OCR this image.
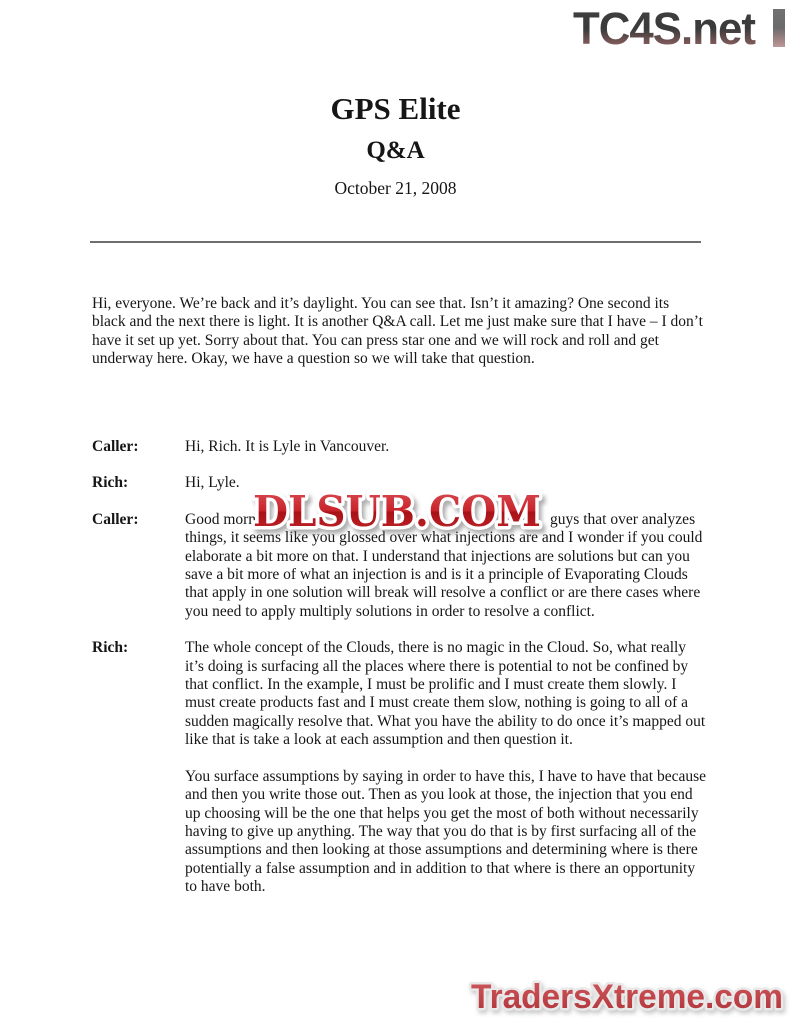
TC4S.net
GPS Elite
Q&A
October 21, 2008

Hi, everyone. We’re back and it’s daylight. You can see that. Isn’t it amazing? One second its black and the next there is light. It is another Q&A call. Let me just make sure that I have – I don’t have it set up yet. Sorry about that. You can press star one and we will rock and roll and get underway here. Okay, we have a question so we will take that question.

Caller:	Hi, Rich. It is Lyle in Vancouver.
Rich:	Hi, Lyle.
Caller:	Good morn	guys that over analyzes
things, it seems like you glossed over what injections are and I wonder if you could elaborate a bit more on that. I understand that injections are solutions but can you save a bit more of what an injection is and is it a principle of Evaporating Clouds that apply in one solution will break will resolve a conflict or are there cases where you need to apply multiply solutions in order to resolve a conflict.
Rich:	The whole concept of the Clouds, there is no magic in the Cloud. So, what really it’s doing is surfacing all the places where there is potential to not be confined by that conflict. In the example, I must be prolific and I must create them slowly. I must create products fast and I must create them slow, nothing is going to all of a sudden magically resolve that. What you have the ability to do once it’s mapped out like that is take a look at each assumption and then question it.
You surface assumptions by saying in order to have this, I have to have that because and then you write those out. Then as you look at those, the injection that you end up choosing will be the one that helps you get the most of both without necessarily having to give up anything. The way that you do that is by first surfacing all of the assumptions and then looking at those assumptions and determining where is there potentially a false assumption and in addition to that where is there an opportunity to have both.
DLSUB.COM
TradersXtreme.com
